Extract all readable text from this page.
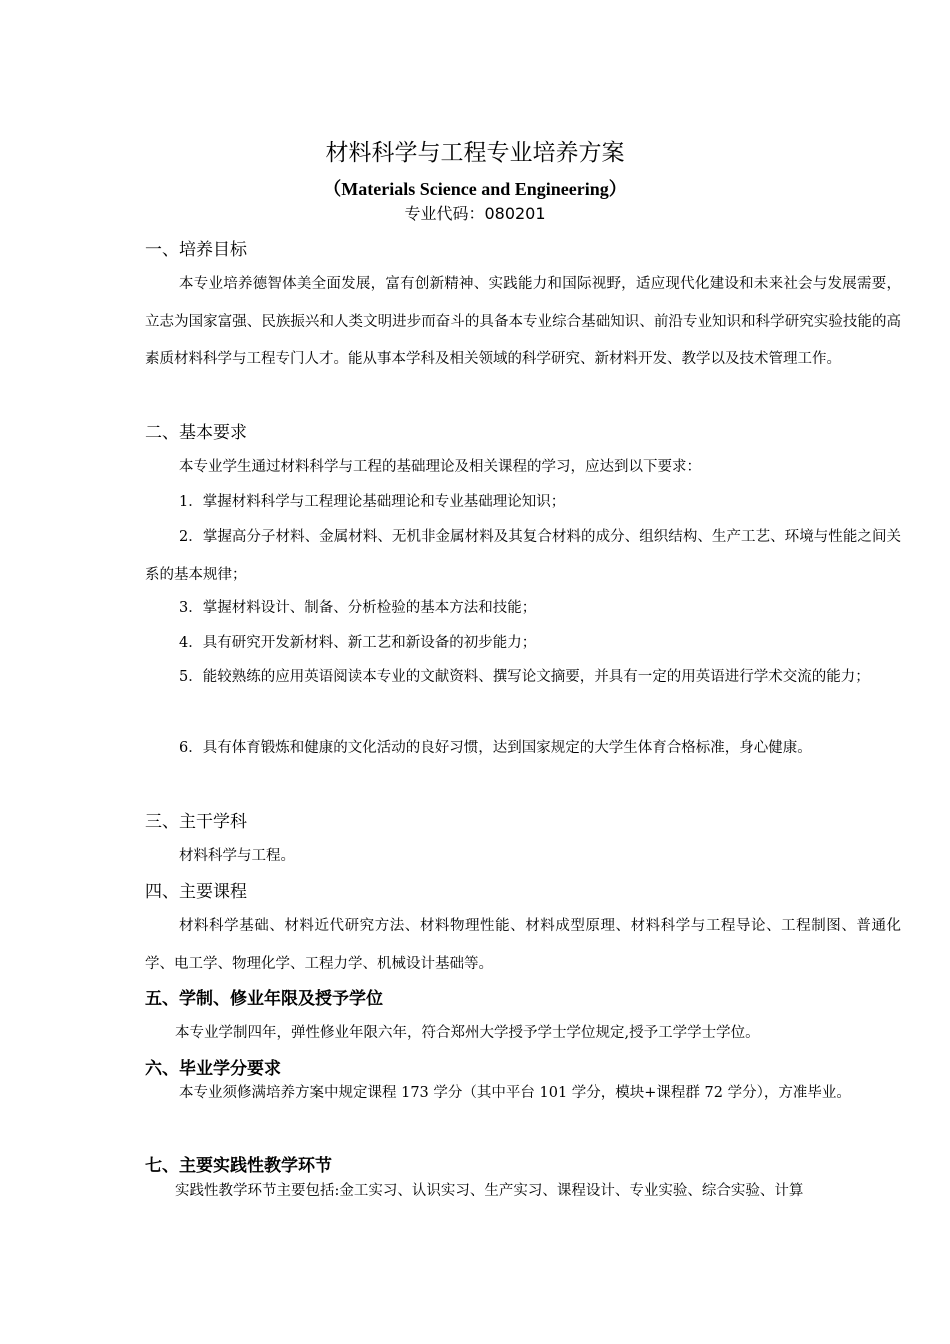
材料科学与工程专业培养方案
（Materials Science and Engineering）
专业代码：080201
一、培养目标

本专业培养德智体美全面发展，富有创新精神、实践能力和国际视野，适应现代化建设和未来社会与发展需要，立志为国家富强、民族振兴和人类文明进步而奋斗的具备本专业综合基础知识、前沿专业知识和科学研究实验技能的高素质材料科学与工程专门人才。能从事本学科及相关领域的科学研究、新材料开发、教学以及技术管理工作。

二、基本要求

本专业学生通过材料科学与工程的基础理论及相关课程的学习，应达到以下要求：

1．掌握材料科学与工程理论基础理论和专业基础理论知识；

2．掌握高分子材料、金属材料、无机非金属材料及其复合材料的成分、组织结构、生产工艺、环境与性能之间关系的基本规律；

3．掌握材料设计、制备、分析检验的基本方法和技能；

4．具有研究开发新材料、新工艺和新设备的初步能力；

5．能较熟练的应用英语阅读本专业的文献资料、撰写论文摘要，并具有一定的用英语进行学术交流的能力；

6．具有体育锻炼和健康的文化活动的良好习惯，达到国家规定的大学生体育合格标准，身心健康。

三、主干学科

材料科学与工程。

四、主要课程

材料科学基础、材料近代研究方法、材料物理性能、材料成型原理、材料科学与工程导论、工程制图、普通化学、电工学、物理化学、工程力学、机械设计基础等。

五、学制、修业年限及授予学位

本专业学制四年，弹性修业年限六年，符合郑州大学授予学士学位规定,授予工学学士学位。

六、毕业学分要求

本专业须修满培养方案中规定课程 173 学分（其中平台 101 学分，模块+课程群 72 学分），方准毕业。

七、主要实践性教学环节

实践性教学环节主要包括:金工实习、认识实习、生产实习、课程设计、专业实验、综合实验、计算
